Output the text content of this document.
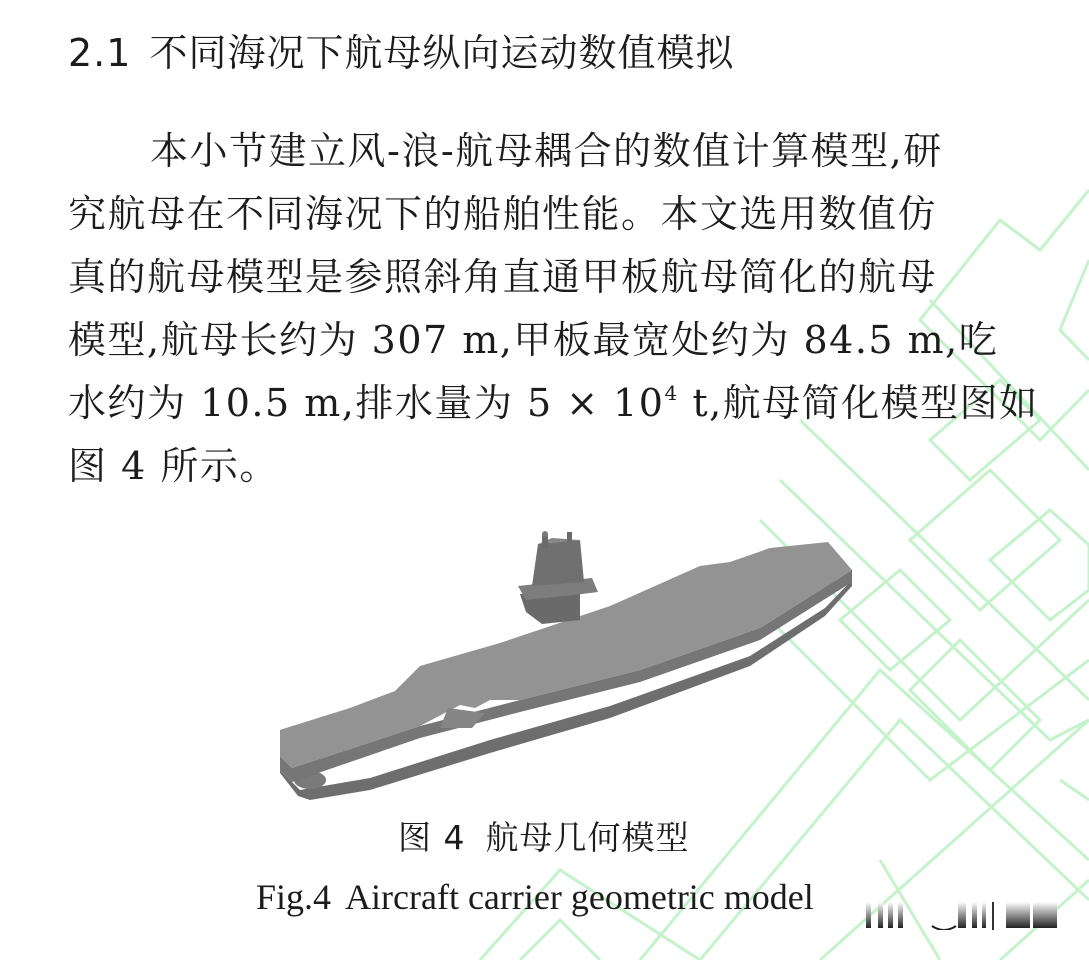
2.1 不同海况下航母纵向运动数值模拟
本小节建立风-浪-航母耦合的数值计算模型,研
究航母在不同海况下的船舶性能。本文选用数值仿
真的航母模型是参照斜角直通甲板航母简化的航母
模型,航母长约为 307 m,甲板最宽处约为 84.5 m,吃
水约为 10.5 m,排水量为 $5 \times 10^4$ t,航母简化模型图如
图 4 所示。
图 4 航母几何模型
Fig.4 Aircraft carrier geometric model
